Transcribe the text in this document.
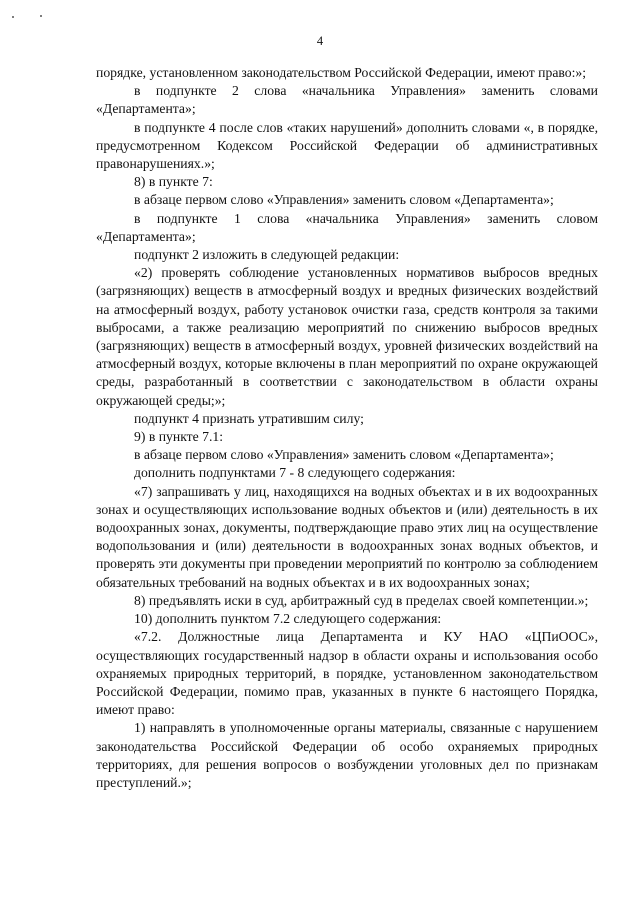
4

порядке, установленном законодательством Российской Федерации, имеют право:»;

в подпункте 2 слова «начальника Управления» заменить словами «Департамента»;

в подпункте 4 после слов «таких нарушений» дополнить словами «, в порядке, предусмотренном Кодексом Российской Федерации об административных правонарушениях.»;

8) в пункте 7:

в абзаце первом слово «Управления» заменить словом «Департамента»;

в подпункте 1 слова «начальника Управления» заменить словом «Департамента»;

подпункт 2 изложить в следующей редакции:

«2) проверять соблюдение установленных нормативов выбросов вредных (загрязняющих) веществ в атмосферный воздух и вредных физических воздействий на атмосферный воздух, работу установок очистки газа, средств контроля за такими выбросами, а также реализацию мероприятий по снижению выбросов вредных (загрязняющих) веществ в атмосферный воздух, уровней физических воздействий на атмосферный воздух, которые включены в план мероприятий по охране окружающей среды, разработанный в соответствии с законодательством в области охраны окружающей среды;»;

подпункт 4 признать утратившим силу;

9) в пункте 7.1:

в абзаце первом слово «Управления» заменить словом «Департамента»;

дополнить подпунктами 7 - 8 следующего содержания:

«7) запрашивать у лиц, находящихся на водных объектах и в их водоохранных зонах и осуществляющих использование водных объектов и (или) деятельность в их водоохранных зонах, документы, подтверждающие право этих лиц на осуществление водопользования и (или) деятельности в водоохранных зонах водных объектов, и проверять эти документы при проведении мероприятий по контролю за соблюдением обязательных требований на водных объектах и в их водоохранных зонах;

8) предъявлять иски в суд, арбитражный суд в пределах своей компетенции.»;

10) дополнить пунктом 7.2 следующего содержания:

«7.2. Должностные лица Департамента и КУ НАО «ЦПиООС», осуществляющих государственный надзор в области охраны и использования особо охраняемых природных территорий, в порядке, установленном законодательством Российской Федерации, помимо прав, указанных в пункте 6 настоящего Порядка, имеют право:

1) направлять в уполномоченные органы материалы, связанные с нарушением законодательства Российской Федерации об особо охраняемых природных территориях, для решения вопросов о возбуждении уголовных дел по признакам преступлений.»;
